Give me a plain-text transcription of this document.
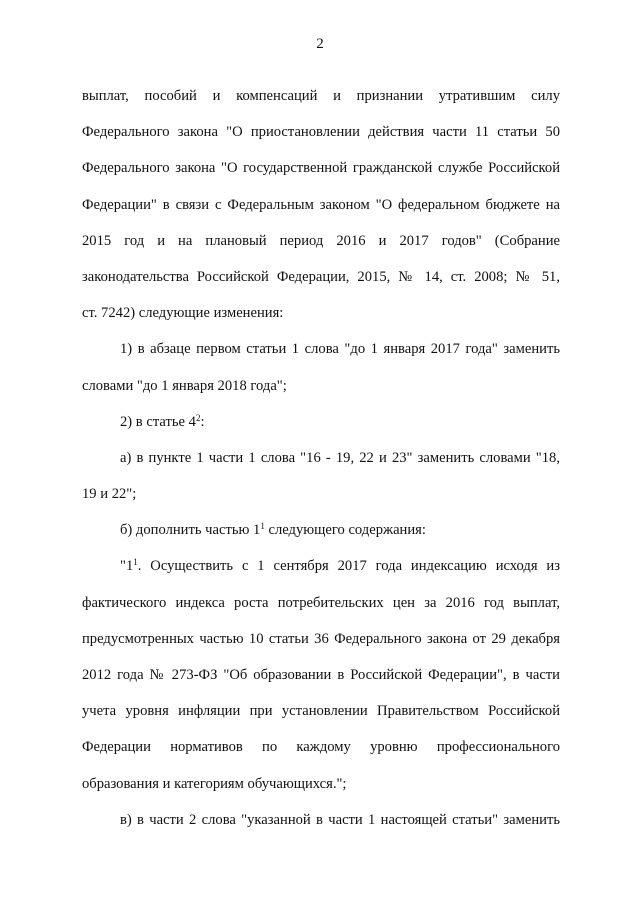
2
выплат, пособий и компенсаций и признании утратившим силу
Федерального закона "О приостановлении действия части 11 статьи 50
Федерального закона "О государственной гражданской службе Российской
Федерации" в связи с Федеральным законом "О федеральном бюджете на
2015 год и на плановый период 2016 и 2017 годов" (Собрание
законодательства Российской Федерации, 2015, № 14, ст. 2008; № 51,
ст. 7242) следующие изменения:
1) в абзаце первом статьи 1 слова "до 1 января 2017 года" заменить
словами "до 1 января 2018 года";
2) в статье $4^2$:
а) в пункте 1 части 1 слова "16 - 19, 22 и 23" заменить словами "18,
19 и 22";
б) дополнить частью $1^1$ следующего содержания:
"$1^1$. Осуществить с 1 сентября 2017 года индексацию исходя из
фактического индекса роста потребительских цен за 2016 год выплат,
предусмотренных частью 10 статьи 36 Федерального закона от 29 декабря
2012 года № 273-ФЗ "Об образовании в Российской Федерации", в части
учета уровня инфляции при установлении Правительством Российской
Федерации нормативов по каждому уровню профессионального
образования и категориям обучающихся.";
в) в части 2 слова "указанной в части 1 настоящей статьи" заменить
